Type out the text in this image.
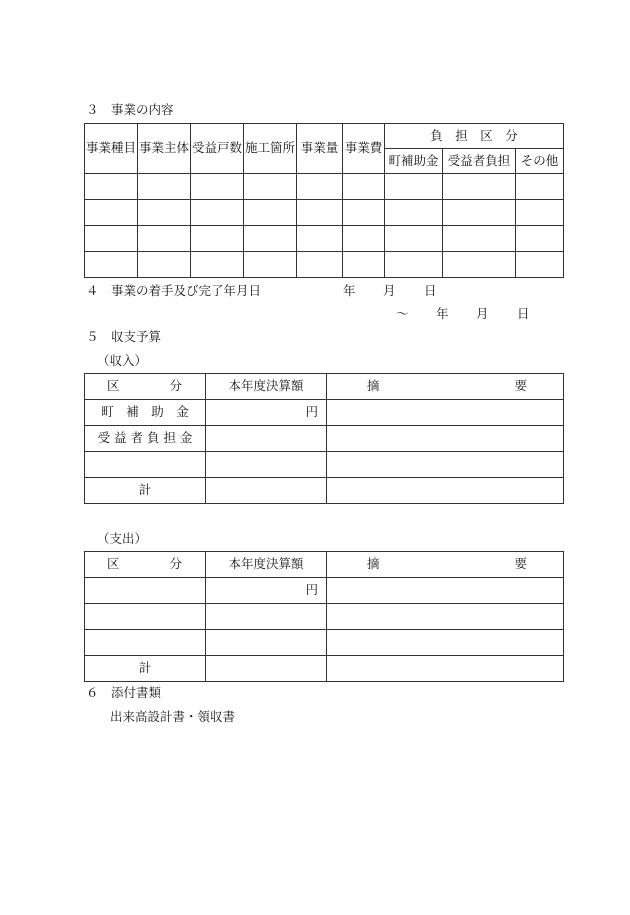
３　事業の内容
事業種目	事業主体	受益戸数	施工箇所	事業量	事業費	負　担　区　分		
						町補助金	受益者負担	その他

４　事業の着手及び完了年月日	年 月 日
～ 年 月 日
５　収支予算
（収入）
区　　　　分	本年度決算額	摘 要

町　補　助　金	円	
受 益 者 負 担 金		

計		
（支出）
区　　　　分	本年度決算額	摘 要

	円	

計		
６　添付書類
出来高設計書・領収書
